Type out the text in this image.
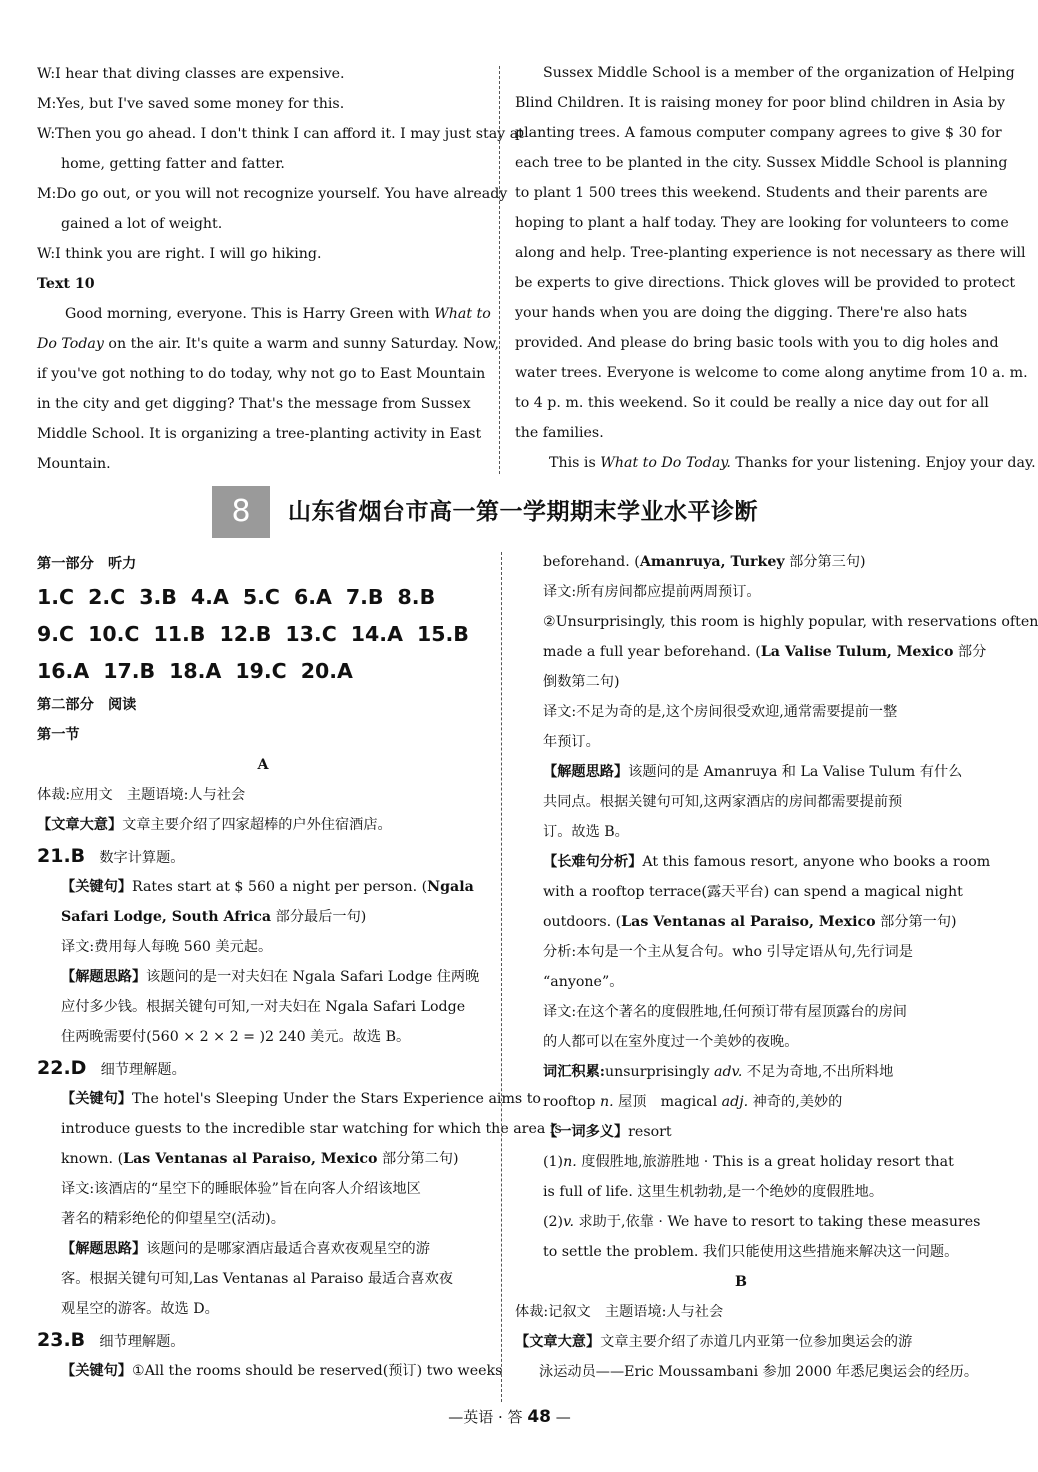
W:I hear that diving classes are expensive.
M:Yes, but I've saved some money for this.
W:Then you go ahead. I don't think I can afford it. I may just stay at
home, getting fatter and fatter.
M:Do go out, or you will not recognize yourself. You have already
gained a lot of weight.
W:I think you are right. I will go hiking.
Text 10
Good morning, everyone. This is Harry Green with What to
Do Today on the air. It's quite a warm and sunny Saturday. Now,
if you've got nothing to do today, why not go to East Mountain
in the city and get digging? That's the message from Sussex
Middle School. It is organizing a tree-planting activity in East
Mountain.
Sussex Middle School is a member of the organization of Helping
Blind Children. It is raising money for poor blind children in Asia by
planting trees. A famous computer company agrees to give $ 30 for
each tree to be planted in the city. Sussex Middle School is planning
to plant 1 500 trees this weekend. Students and their parents are
hoping to plant a half today. They are looking for volunteers to come
along and help. Tree-planting experience is not necessary as there will
be experts to give directions. Thick gloves will be provided to protect
your hands when you are doing the digging. There're also hats
provided. And please do bring basic tools with you to dig holes and
water trees. Everyone is welcome to come along anytime from 10 a. m.
to 4 p. m. this weekend. So it could be really a nice day out for all
the families.
This is What to Do Today. Thanks for your listening. Enjoy your day.
8	山东省烟台市高一第一学期期末学业水平诊断
第一部分　听力
1.C 2.C 3.B 4.A 5.C 6.A 7.B 8.B
9.C 10.C 11.B 12.B 13.C 14.A 15.B
16.A 17.B 18.A 19.C 20.A
第二部分　阅读
第一节
A
体裁:应用文　主题语境:人与社会
【文章大意】文章主要介绍了四家超棒的户外住宿酒店。
21.B　 数字计算题。
【关键句】Rates start at $ 560 a night per person. (Ngala
Safari Lodge, South Africa 部分最后一句)
译文:费用每人每晚 560 美元起。
【解题思路】该题问的是一对夫妇在 Ngala Safari Lodge 住两晚
应付多少钱。根据关键句可知,一对夫妇在 Ngala Safari Lodge
住两晚需要付(560 × 2 × 2 = )2 240 美元。故选 B。
22.D　 细节理解题。
【关键句】The hotel's Sleeping Under the Stars Experience aims to
introduce guests to the incredible star watching for which the area is
known. (Las Ventanas al Paraiso, Mexico 部分第二句)
译文:该酒店的“星空下的睡眠体验”旨在向客人介绍该地区
著名的精彩绝伦的仰望星空(活动)。
【解题思路】该题问的是哪家酒店最适合喜欢夜观星空的游
客。根据关键句可知,Las Ventanas al Paraiso 最适合喜欢夜
观星空的游客。故选 D。
23.B　 细节理解题。
【关键句】①All the rooms should be reserved(预订) two weeks
beforehand. (Amanruya, Turkey 部分第三句)
译文:所有房间都应提前两周预订。
②Unsurprisingly, this room is highly popular, with reservations often
made a full year beforehand. (La Valise Tulum, Mexico 部分
倒数第二句)
译文:不足为奇的是,这个房间很受欢迎,通常需要提前一整
年预订。
【解题思路】该题问的是 Amanruya 和 La Valise Tulum 有什么
共同点。根据关键句可知,这两家酒店的房间都需要提前预
订。故选 B。
【长难句分析】At this famous resort, anyone who books a room
with a rooftop terrace(露天平台) can spend a magical night
outdoors. (Las Ventanas al Paraiso, Mexico 部分第一句)
分析:本句是一个主从复合句。who 引导定语从句,先行词是
“anyone”。
译文:在这个著名的度假胜地,任何预订带有屋顶露台的房间
的人都可以在室外度过一个美妙的夜晚。
词汇积累:unsurprisingly adv. 不足为奇地,不出所料地
rooftop n. 屋顶　magical adj. 神奇的,美妙的
【一词多义】resort
(1)n. 度假胜地,旅游胜地 · This is a great holiday resort that
is full of life. 这里生机勃勃,是一个绝妙的度假胜地。
(2)v. 求助于,依靠 · We have to resort to taking these measures
to settle the problem. 我们只能使用这些措施来解决这一问题。
B
体裁:记叙文　主题语境:人与社会
【文章大意】文章主要介绍了赤道几内亚第一位参加奥运会的游
泳运动员——Eric Moussambani 参加 2000 年悉尼奥运会的经历。
—英语 · 答 48 —
